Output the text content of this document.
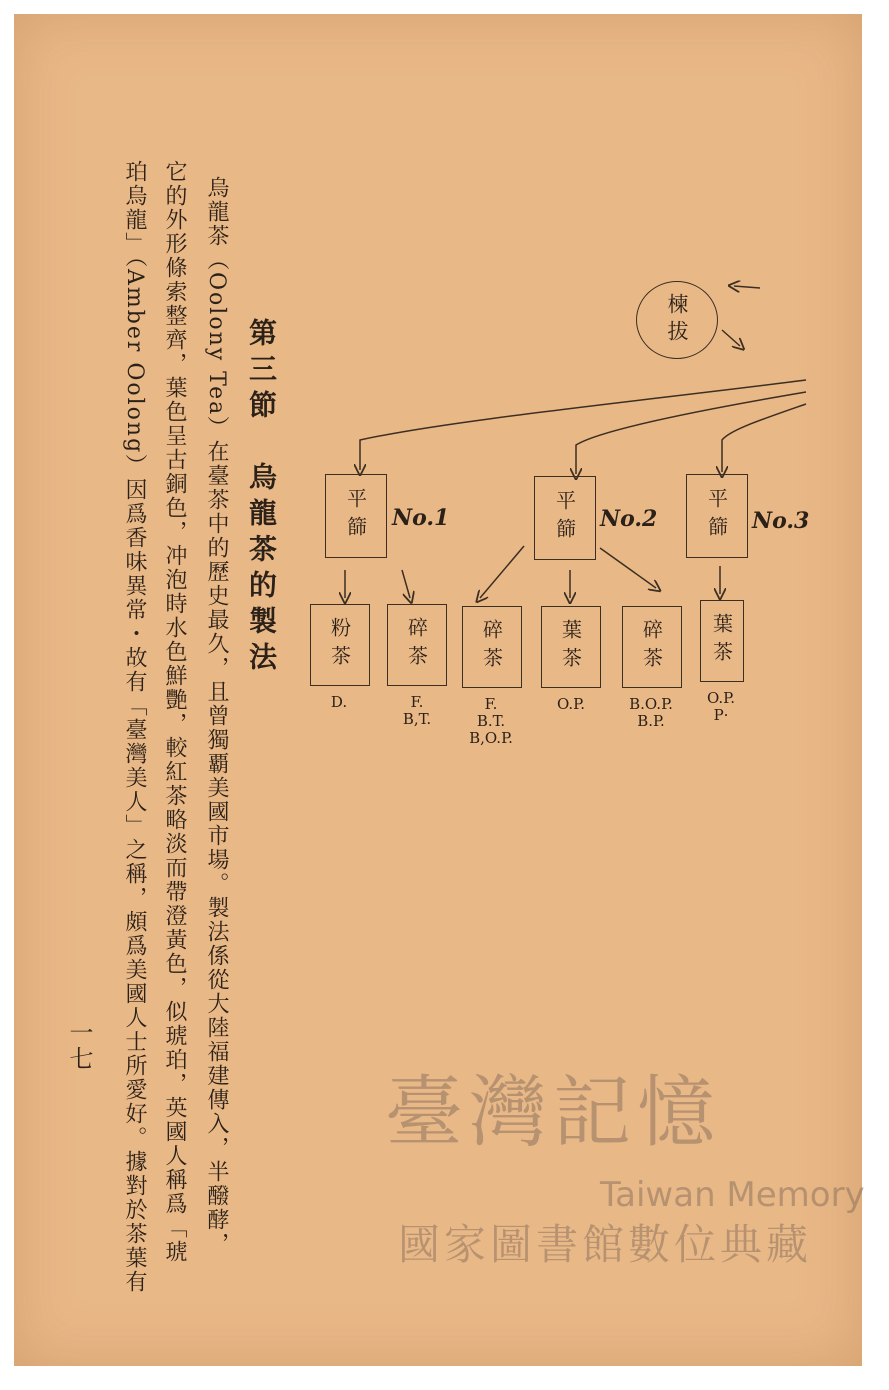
第三節　烏龍茶的製法
烏龍茶（Oolony Tea）在臺茶中的歷史最久，且曾獨覇美國市場。製法係從大陸福建傳入，半醱酵，
它的外形條索整齊，葉色呈古銅色，冲泡時水色鮮艷，較紅茶略淡而帶澄黃色，似琥珀，英國人稱爲「琥
珀烏龍」（Amber Oolong）因爲香味異常・故有「臺灣美人」之稱，頗爲美國人士所愛好。據對於茶葉有
一七
楝拔
平篩	平篩	平篩
No.1	No.2	No.3
粉茶	碎茶	碎茶	葉茶	碎茶	葉茶
D.	F.
B,T.
F.
B.T.
B,O.P.
O.P.	B.O.P.
B.P.
O.P.
P·
臺灣記憶
Taiwan Memory
國家圖書館數位典藏
